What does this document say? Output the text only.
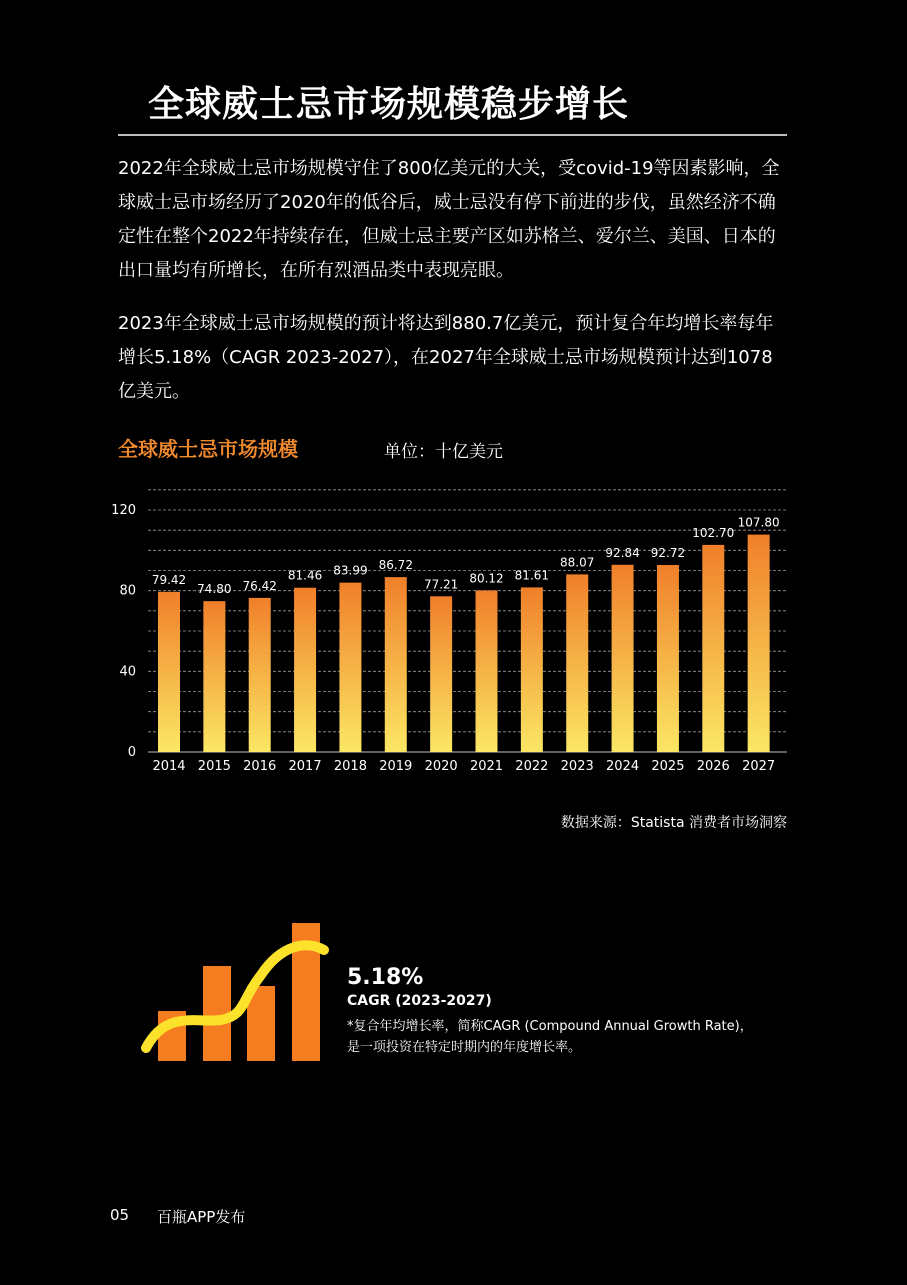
全球威士忌市场规模稳步增长

2022年全球威士忌市场规模守住了800亿美元的大关，受covid-19等因素影响，全球威士忌市场经历了2020年的低谷后，威士忌没有停下前进的步伐，虽然经济不确定性在整个2022年持续存在，但威士忌主要产区如苏格兰、爱尔兰、美国、日本的出口量均有所增长，在所有烈酒品类中表现亮眼。

2023年全球威士忌市场规模的预计将达到880.7亿美元，预计复合年均增长率每年增长5.18%（CAGR 2023-2027），在2027年全球威士忌市场规模预计达到1078亿美元。

全球威士忌市场规模	单位：十亿美元
0
40
80
120
79.42
2014
74.80
2015
76.42
2016
81.46
2017
83.99
2018
86.72
2019
77.21
2020
80.12
2021
81.61
2022
88.07
2023
92.84
2024
92.72
2025
102.70
2026
107.80
2027
数据来源：Statista 消费者市场洞察
5.18%
CAGR (2023-2027)
*复合年均增长率，简称CAGR (Compound Annual Growth Rate)，
是一项投资在特定时期内的年度增长率。
05 百瓶APP发布
